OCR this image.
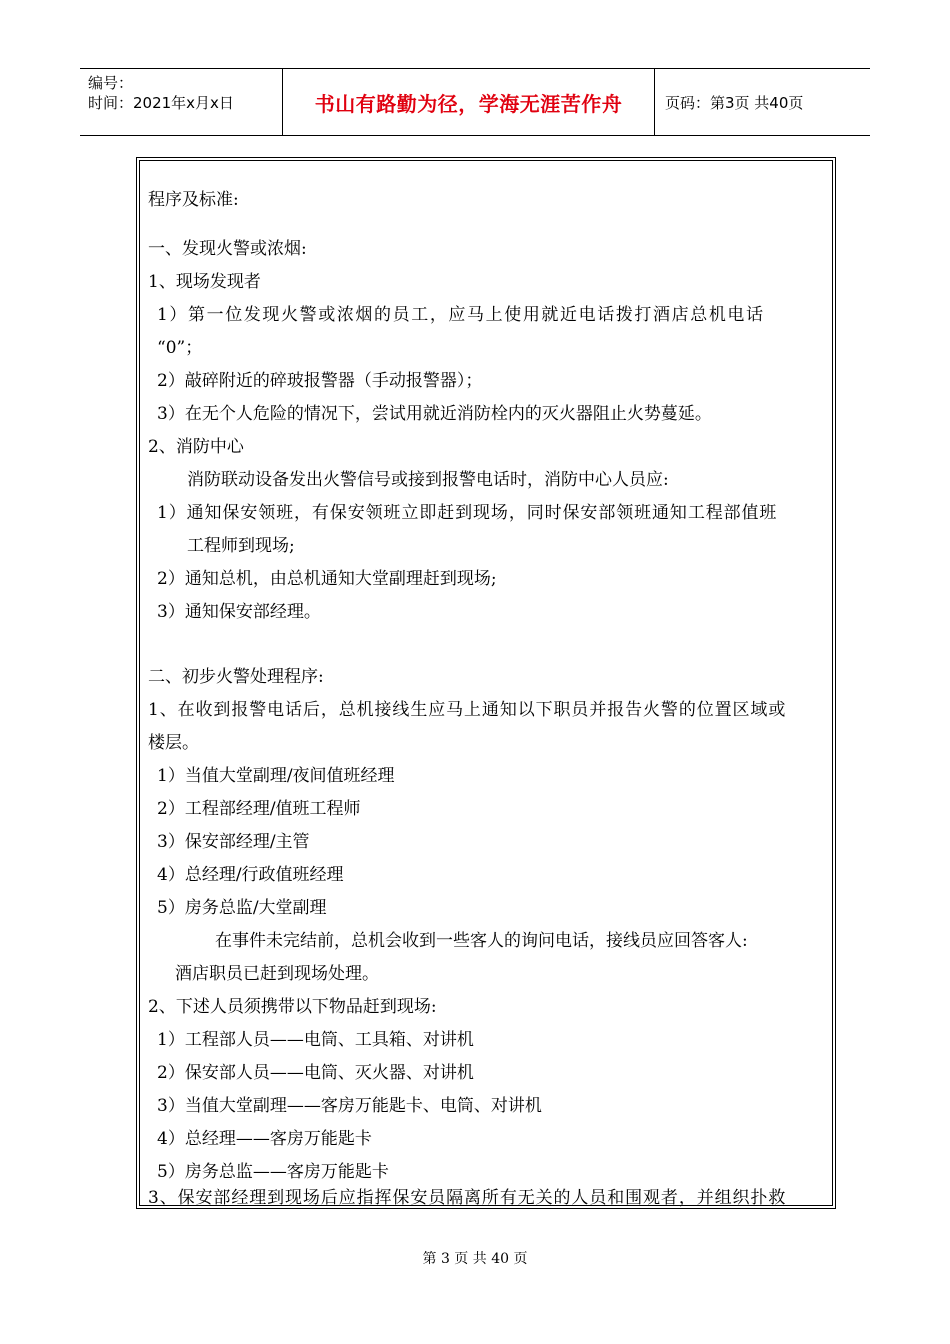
编号：
时间：2021年x月x日	书山有路勤为径，学海无涯苦作舟	页码：第3页 共40页
程序及标准:
一、发现火警或浓烟:
1、现场发现者
1）第一位发现火警或浓烟的员工，应马上使用就近电话拨打酒店总机电话
“0”；
2）敲碎附近的碎玻报警器（手动报警器）；
3）在无个人危险的情况下，尝试用就近消防栓内的灭火器阻止火势蔓延。
2、消防中心
消防联动设备发出火警信号或接到报警电话时，消防中心人员应:
1）通知保安领班，有保安领班立即赶到现场，同时保安部领班通知工程部值班
工程师到现场;
2）通知总机，由总机通知大堂副理赶到现场;
3）通知保安部经理。
二、初步火警处理程序:
1、在收到报警电话后，总机接线生应马上通知以下职员并报告火警的位置区域或
楼层。
1）当值大堂副理/夜间值班经理
2）工程部经理/值班工程师
3）保安部经理/主管
4）总经理/行政值班经理
5）房务总监/大堂副理
在事件未完结前，总机会收到一些客人的询问电话，接线员应回答客人:
酒店职员已赶到现场处理。
2、下述人员须携带以下物品赶到现场:
1）工程部人员——电筒、工具箱、对讲机
2）保安部人员——电筒、灭火器、对讲机
3）当值大堂副理——客房万能匙卡、电筒、对讲机
4）总经理——客房万能匙卡
5）房务总监——客房万能匙卡
3、保安部经理到现场后应指挥保安员隔离所有无关的人员和围观者，并组织扑救
第 3 页 共 40 页
